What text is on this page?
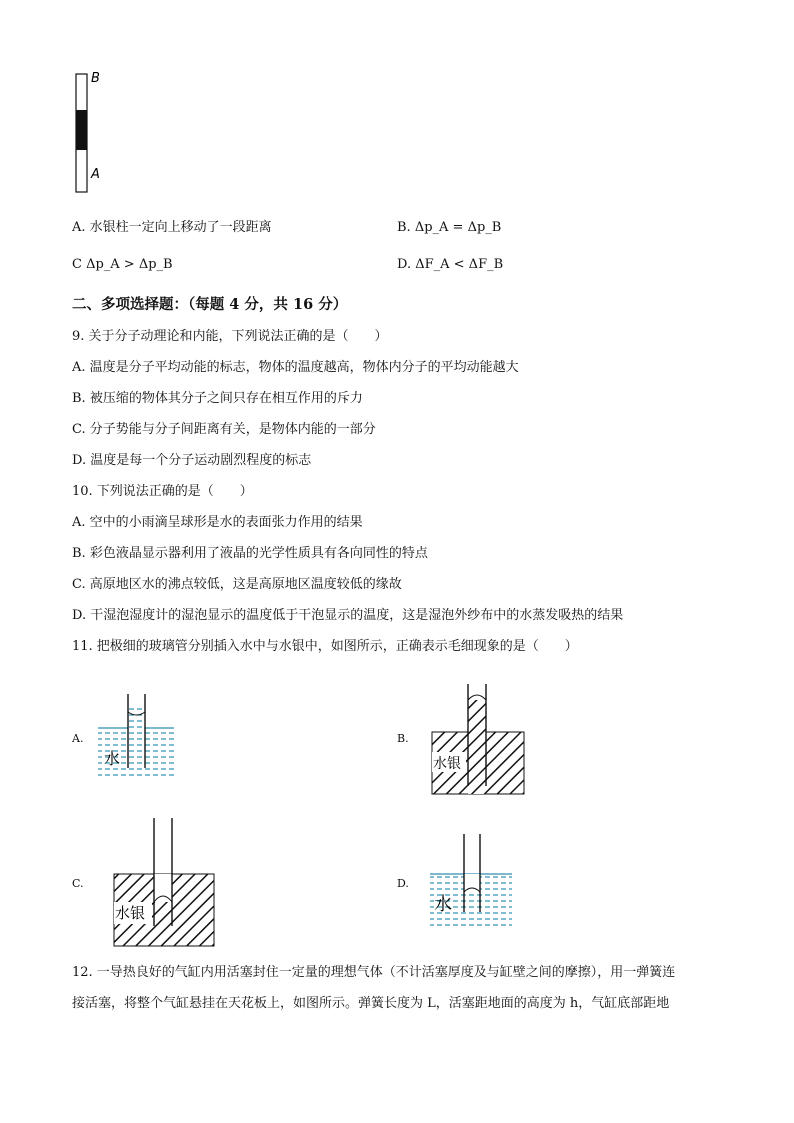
B
A
A. 水银柱一定向上移动了一段距离	B. Δp_A = Δp_B
C Δp_A > Δp_B	D. ΔF_A < ΔF_B
二、多项选择题：（每题 4 分，共 16 分）
9. 关于分子动理论和内能，下列说法正确的是（　　）
A. 温度是分子平均动能的标志，物体的温度越高，物体内分子的平均动能越大
B. 被压缩的物体其分子之间只存在相互作用的斥力
C. 分子势能与分子间距离有关，是物体内能的一部分
D. 温度是每一个分子运动剧烈程度的标志
10. 下列说法正确的是（　　）
A. 空中的小雨滴呈球形是水的表面张力作用的结果
B. 彩色液晶显示器利用了液晶的光学性质具有各向同性的特点
C. 高原地区水的沸点较低，这是高原地区温度较低的缘故
D. 干湿泡湿度计的湿泡显示的温度低于干泡显示的温度，这是湿泡外纱布中的水蒸发吸热的结果
11. 把极细的玻璃管分别插入水中与水银中，如图所示，正确表示毛细现象的是（　　）
A.	B.
C.	D.
水	水银
水银	水
12. 一导热良好的气缸内用活塞封住一定量的理想气体（不计活塞厚度及与缸壁之间的摩擦），用一弹簧连
接活塞，将整个气缸悬挂在天花板上，如图所示。弹簧长度为 L，活塞距地面的高度为 h，气缸底部距地
